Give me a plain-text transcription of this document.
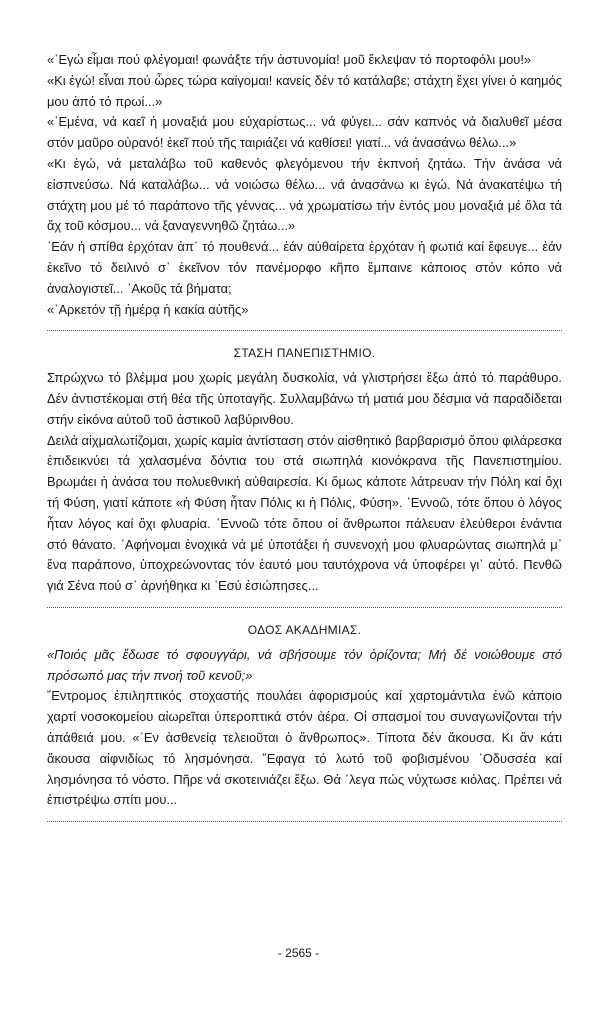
«᾿Εγώ εἶμαι πού φλέγομαι! φωνάξτε τήν ἀστυνομία! μοῦ ἔκλεψαν τό πορτοφόλι μου!»

«Κι ἐγώ! εἶναι πού ὦρες τώρα καίγομαι! κανείς δέν τό κατάλαβε; στάχτη ἔχει γίνει ὁ καημός μου ἀπό τό πρωί...»

«᾿Εμένα, νά καεῖ ἡ μοναξιά μου εὐχαρίστως... νά φύγει... σάν καπνός νά διαλυθεῖ μέσα στόν μαῦρο οὐρανό! ἐκεῖ πού τῆς ταιριάζει νά καθίσει! γιατί... νά ἀνασάνω θέλω...»

«Κι ἐγώ, νά μεταλάβω τοῦ καθενός φλεγόμενου τήν ἐκπνοή ζητάω. Τήν ἀνάσα νά εἰσπνεύσω. Νά καταλάβω... νά νοιώσω θέλω... νά ἀνασάνω κι ἐγώ. Νά ἀνακατέψω τή στάχτη μου μέ τό παράπονο τῆς γέννας... νά χρωματίσω τήν ἐντός μου μοναξιά μέ ὅλα τά ἄχ τοῦ κόσμου... νά ξαναγεννηθῶ ζητάω...»

᾿Εάν ἡ σπίθα ἐρχόταν ἀπ᾿ τό πουθενά... ἐάν αὐθαίρετα ἐρχόταν ἡ φωτιά καί ἔφευγε... ἐάν ἐκεῖνο τό δειλινό σ᾿ ἐκεῖνον τόν πανέμορφο κῆπο ἔμπαινε κάποιος στόν κόπο νά ἀναλογιστεῖ... ᾿Ακοῦς τά βήματα;

«᾿Αρκετόν τῇ ἡμέρᾳ ἡ κακία αὐτῆς»

ΣΤΑΣΗ ΠΑΝΕΠΙΣΤΗΜΙΟ.

Σπρώχνω τό βλέμμα μου χωρίς μεγάλη δυσκολία, νά γλιστρήσει ἔξω ἀπό τό παράθυρο. Δέν ἀντιστέκομαι στή θέα τῆς ὑποταγῆς. Συλλαμβάνω τή ματιά μου δέσμια νά παραδίδεται στήν εἰκόνα αὐτοῦ τοῦ ἀστικοῦ λαβύρινθου.

Δειλά αἰχμαλωτίζομαι, χωρίς καμία ἀντίσταση στόν αἰσθητικό βαρβαρισμό ὅπου φιλάρεσκα ἐπιδεικνύει τά χαλασμένα δόντια του στά σιωπηλά κιονόκρανα τῆς Πανεπιστημίου. Βρωμάει ἡ ἀνάσα του πολυεθνική αὐθαιρεσία. Κι ὅμως κάποτε λάτρευαν τήν Πόλη καί ὄχι τή Φύση, γιατί κάποτε «ἡ Φύση ἦταν Πόλις κι ἡ Πόλις, Φύση». ᾿Εννοῶ, τότε ὅπου ὁ λόγος ἦταν λόγος καί ὄχι φλυαρία. ᾿Εννοῶ τότε ὅπου οἱ ἄνθρωποι πάλευαν ἐλεύθεροι ἐνάντια στό θάνατο. ᾿Αφήνομαι ἐνοχικά νά μέ ὑποτάξει ἡ συνενοχή μου φλυαρώντας σιωπηλά μ᾿ ἕνα παράπονο, ὑποχρεώνοντας τόν ἑαυτό μου ταυτόχρονα νά ὑποφέρει γι᾿ αὐτό. Πενθῶ γιά Σένα πού σ᾿ ἀρνήθηκα κι ᾿Εσύ ἐσιώπησες...

ΟΔΟΣ ΑΚΑΔΗΜΙΑΣ.

«Ποιός μᾶς ἔδωσε τό σφουγγάρι, νά σβήσουμε τόν ὁρίζοντα; Μή δέ νοιώθουμε στό πρόσωπό μας τήν πνοή τοῦ κενοῦ;»

῎Εντρομος ἐπιληπτικός στοχαστής πουλάει ἀφορισμούς καί χαρτομάντιλα ἐνῶ κάποιο χαρτί νοσοκομείου αἰωρεῖται ὑπεροπτικά στόν ἀέρα. Οἱ σπασμοί του συναγωνίζονται τήν ἀπάθειά μου. «᾿Εν ἀσθενείᾳ τελειοῦται ὁ ἄνθρωπος». Τίποτα δέν ἄκουσα. Κι ἄν κάτι ἄκουσα αἰφνιδίως τό λησμόνησα. ῎Εφαγα τό λωτό τοῦ φοβισμένου ᾿Οδυσσέα καί λησμόνησα τό νόστο. Πῆρε νά σκοτεινιάζει ἔξω. Θά ᾿λεγα πώς νύχτωσε κιόλας. Πρέπει νά ἐπιστρέψω σπίτι μου...

- 2565 -
